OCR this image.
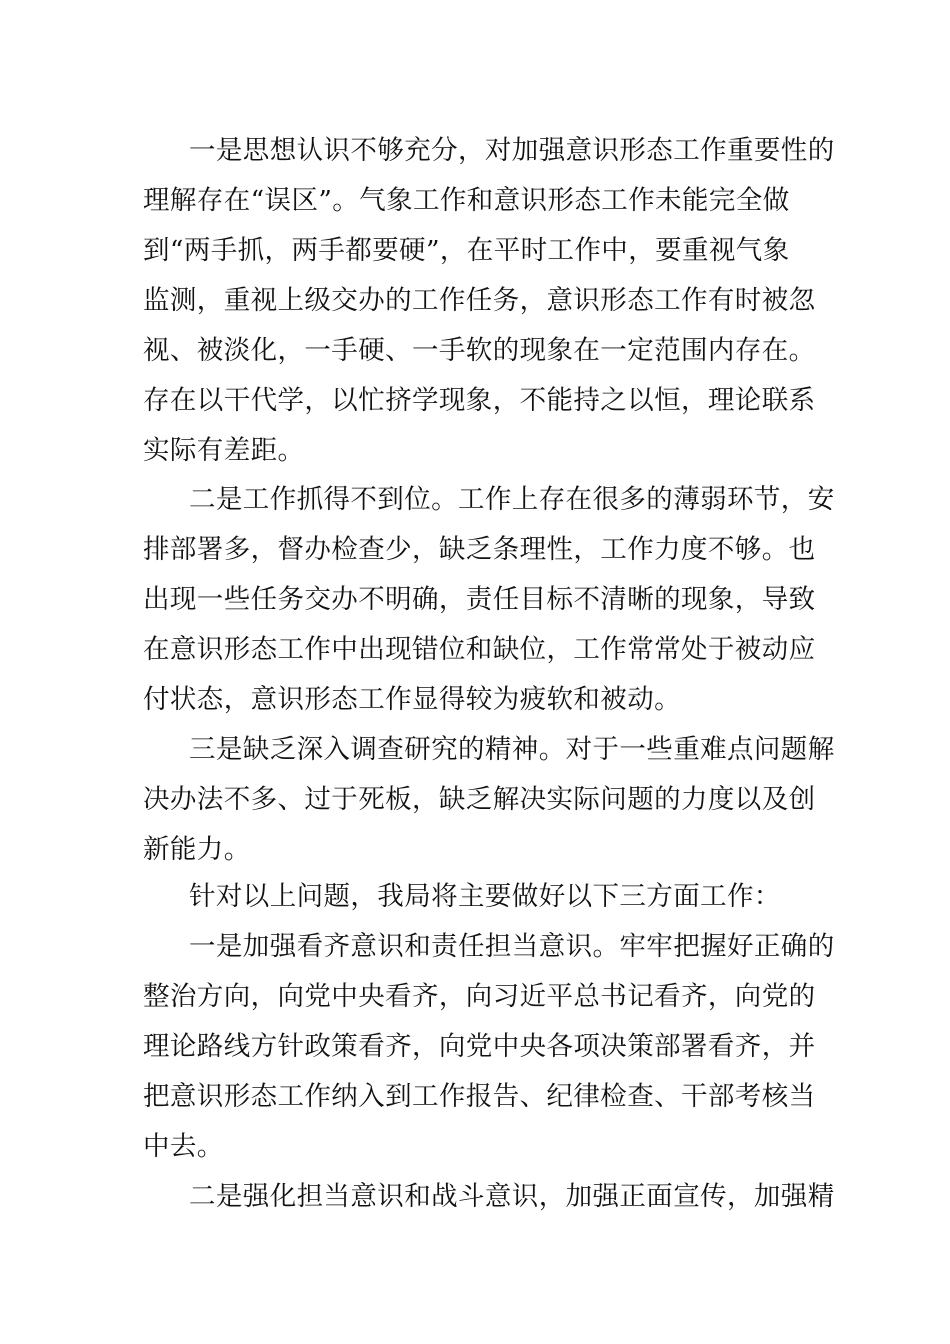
一是思想认识不够充分，对加强意识形态工作重要性的
理解存在“误区”。气象工作和意识形态工作未能完全做
到“两手抓，两手都要硬”，在平时工作中，要重视气象
监测，重视上级交办的工作任务，意识形态工作有时被忽
视、被淡化，一手硬、一手软的现象在一定范围内存在。
存在以干代学，以忙挤学现象，不能持之以恒，理论联系
实际有差距。
二是工作抓得不到位。工作上存在很多的薄弱环节，安
排部署多，督办检查少，缺乏条理性，工作力度不够。也
出现一些任务交办不明确，责任目标不清晰的现象，导致
在意识形态工作中出现错位和缺位，工作常常处于被动应
付状态，意识形态工作显得较为疲软和被动。
三是缺乏深入调查研究的精神。对于一些重难点问题解
决办法不多、过于死板，缺乏解决实际问题的力度以及创
新能力。
针对以上问题，我局将主要做好以下三方面工作：
一是加强看齐意识和责任担当意识。牢牢把握好正确的
整治方向，向党中央看齐，向习近平总书记看齐，向党的
理论路线方针政策看齐，向党中央各项决策部署看齐，并
把意识形态工作纳入到工作报告、纪律检查、干部考核当
中去。
二是强化担当意识和战斗意识，加强正面宣传，加强精
